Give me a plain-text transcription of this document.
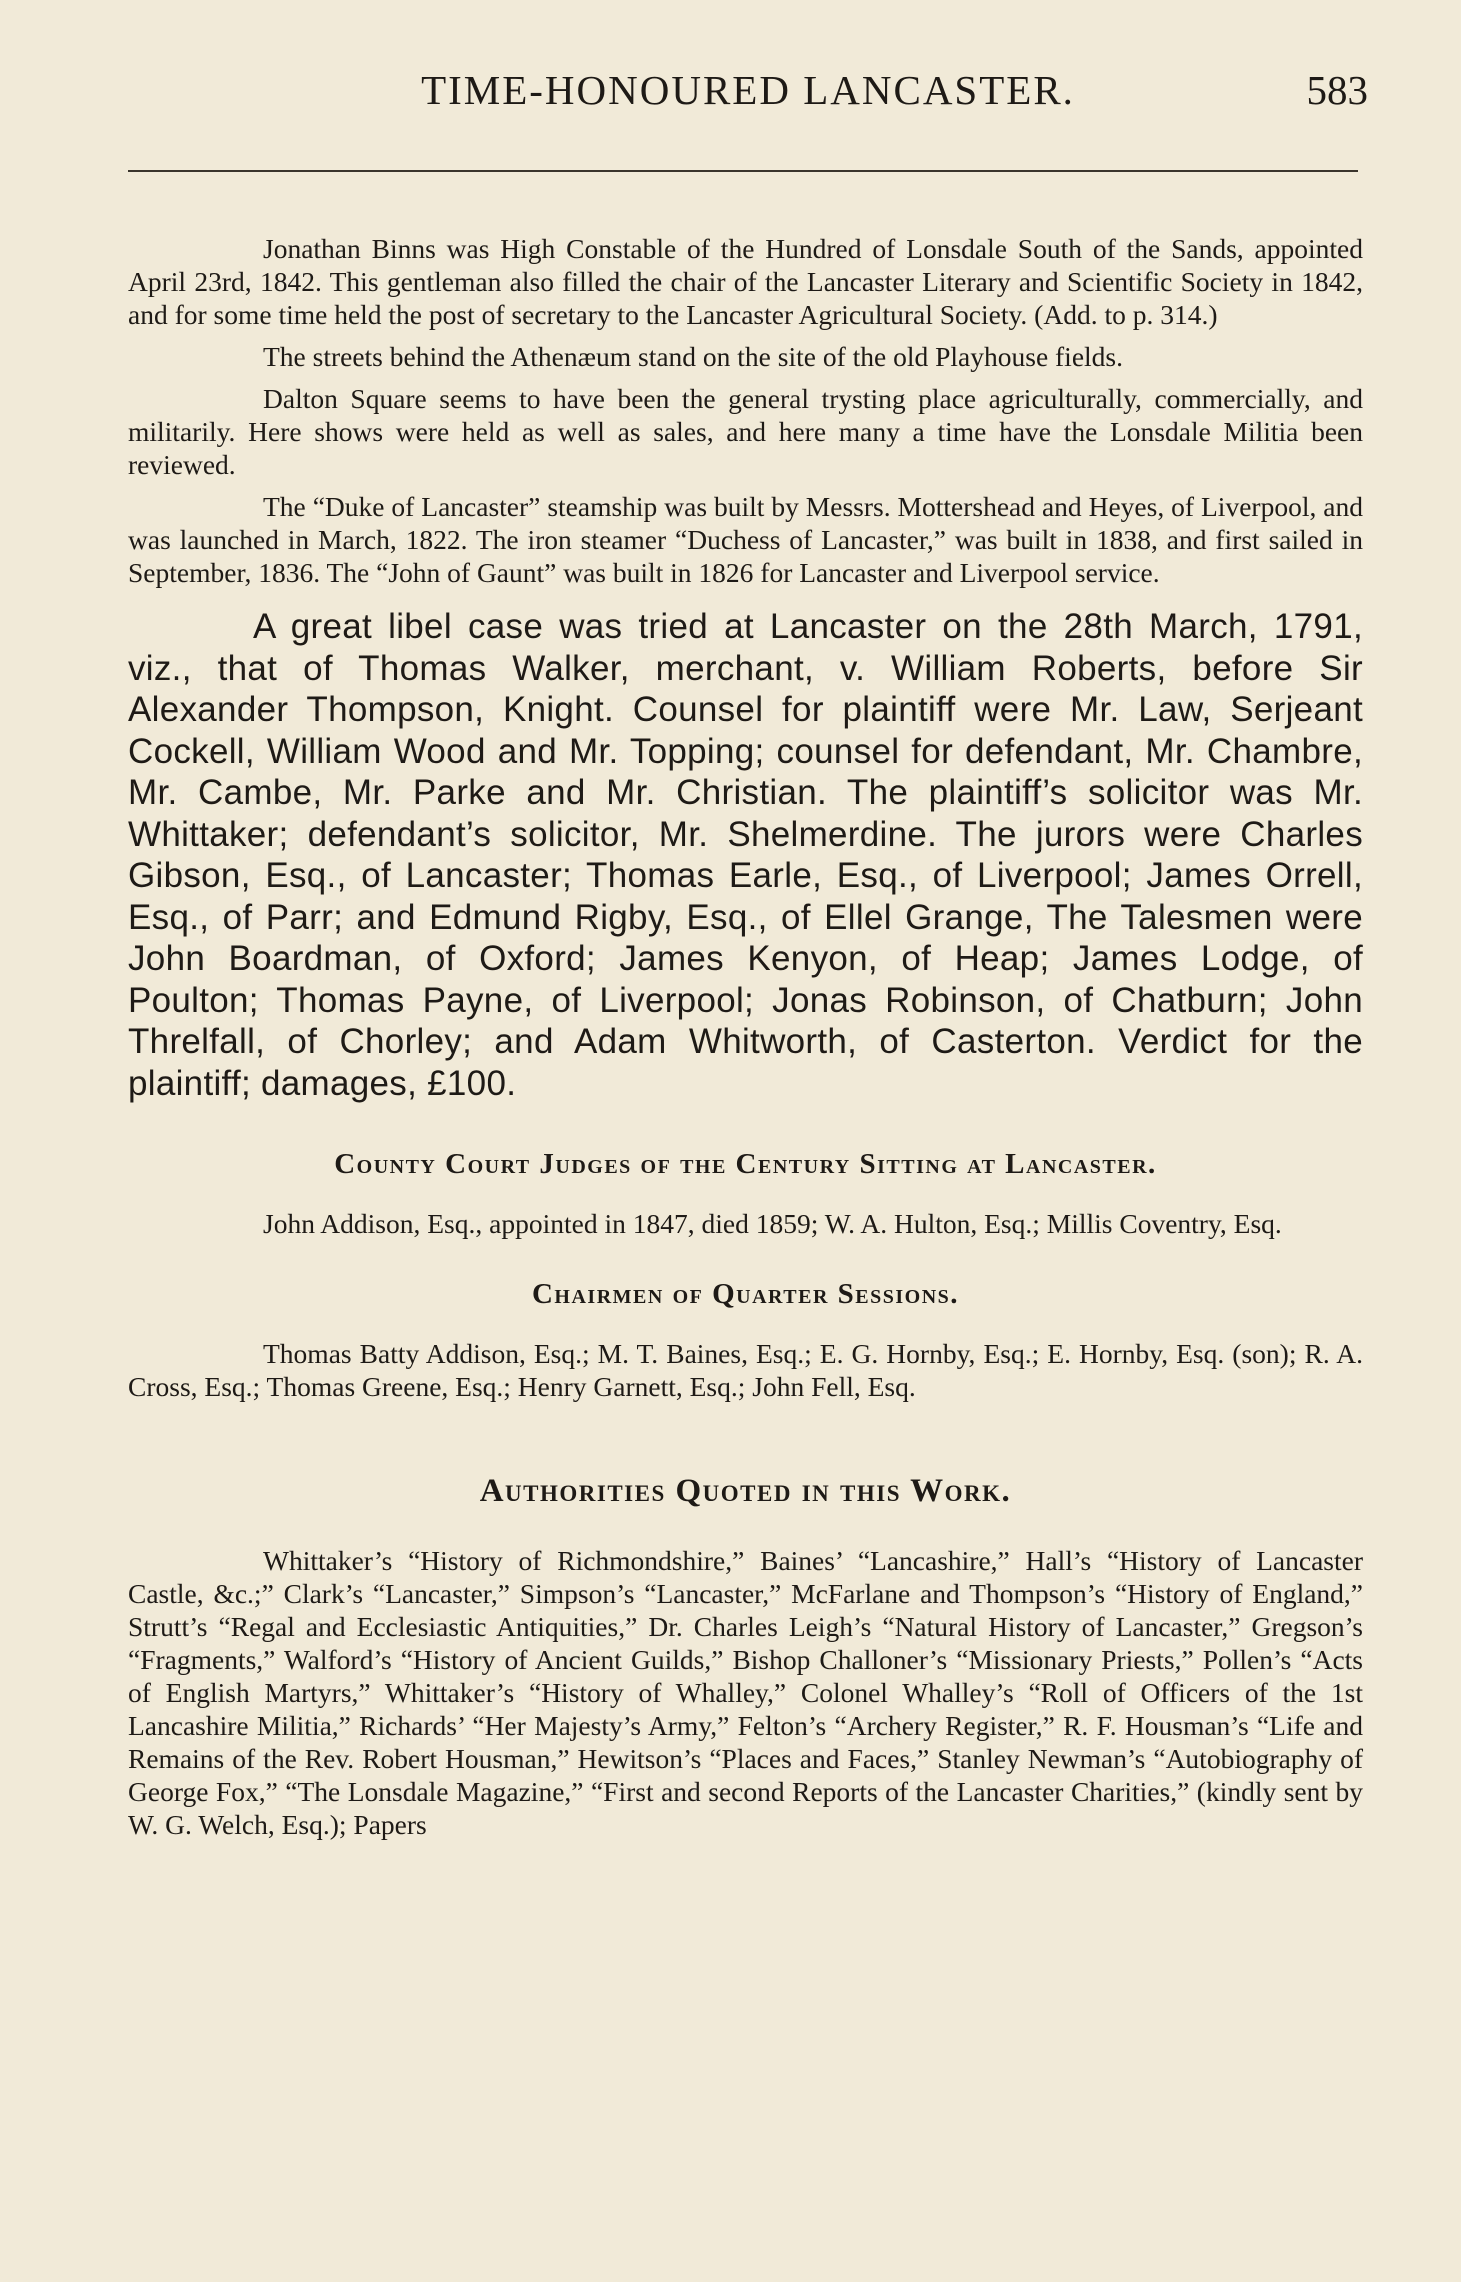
TIME-HONOURED LANCASTER.	583

Jonathan Binns was High Constable of the Hundred of Lonsdale South of the Sands, appointed April 23rd, 1842. This gentleman also filled the chair of the Lancaster Literary and Scientific Society in 1842, and for some time held the post of secretary to the Lancaster Agricultural Society. (Add. to p. 314.)

The streets behind the Athenæum stand on the site of the old Playhouse fields.

Dalton Square seems to have been the general trysting place agriculturally, commercially, and militarily. Here shows were held as well as sales, and here many a time have the Lonsdale Militia been reviewed.

The “Duke of Lancaster” steamship was built by Messrs. Mottershead and Heyes, of Liverpool, and was launched in March, 1822. The iron steamer “Duchess of Lancaster,” was built in 1838, and first sailed in September, 1836. The “John of Gaunt” was built in 1826 for Lancaster and Liverpool service.

A great libel case was tried at Lancaster on the 28th March, 1791, viz., that of Thomas Walker, merchant, v. William Roberts, before Sir Alexander Thompson, Knight. Counsel for plaintiff were Mr. Law, Serjeant Cockell, William Wood and Mr. Topping; counsel for defendant, Mr. Chambre, Mr. Cambe, Mr. Parke and Mr. Christian. The plaintiff’s solicitor was Mr. Whittaker; defendant’s solicitor, Mr. Shelmerdine. The jurors were Charles Gibson, Esq., of Lancaster; Thomas Earle, Esq., of Liverpool; James Orrell, Esq., of Parr; and Edmund Rigby, Esq., of Ellel Grange, The Talesmen were John Boardman, of Oxford; James Kenyon, of Heap; James Lodge, of Poulton; Thomas Payne, of Liverpool; Jonas Robinson, of Chatburn; John Threlfall, of Chorley; and Adam Whitworth, of Casterton. Verdict for the plaintiff; damages, £100.

County Court Judges of the Century Sitting at Lancaster.

John Addison, Esq., appointed in 1847, died 1859; W. A. Hulton, Esq.; Millis Coventry, Esq.

Chairmen of Quarter Sessions.

Thomas Batty Addison, Esq.; M. T. Baines, Esq.; E. G. Hornby, Esq.; E. Hornby, Esq. (son); R. A. Cross, Esq.; Thomas Greene, Esq.; Henry Garnett, Esq.; John Fell, Esq.

Authorities Quoted in this Work.

Whittaker’s “History of Richmondshire,” Baines’ “Lancashire,” Hall’s “History of Lancaster Castle, &c.;” Clark’s “Lancaster,” Simpson’s “Lancaster,” McFarlane and Thompson’s “History of England,” Strutt’s “Regal and Ecclesiastic Antiquities,” Dr. Charles Leigh’s “Natural History of Lancaster,” Gregson’s “Fragments,” Walford’s “History of Ancient Guilds,” Bishop Challoner’s “Missionary Priests,” Pollen’s “Acts of English Martyrs,” Whittaker’s “History of Whalley,” Colonel Whalley’s “Roll of Officers of the 1st Lancashire Militia,” Richards’ “Her Majesty’s Army,” Felton’s “Archery Register,” R. F. Housman’s “Life and Remains of the Rev. Robert Housman,” Hewitson’s “Places and Faces,” Stanley Newman’s “Autobiography of George Fox,” “The Lonsdale Magazine,” “First and second Reports of the Lancaster Charities,” (kindly sent by W. G. Welch, Esq.); Papers
